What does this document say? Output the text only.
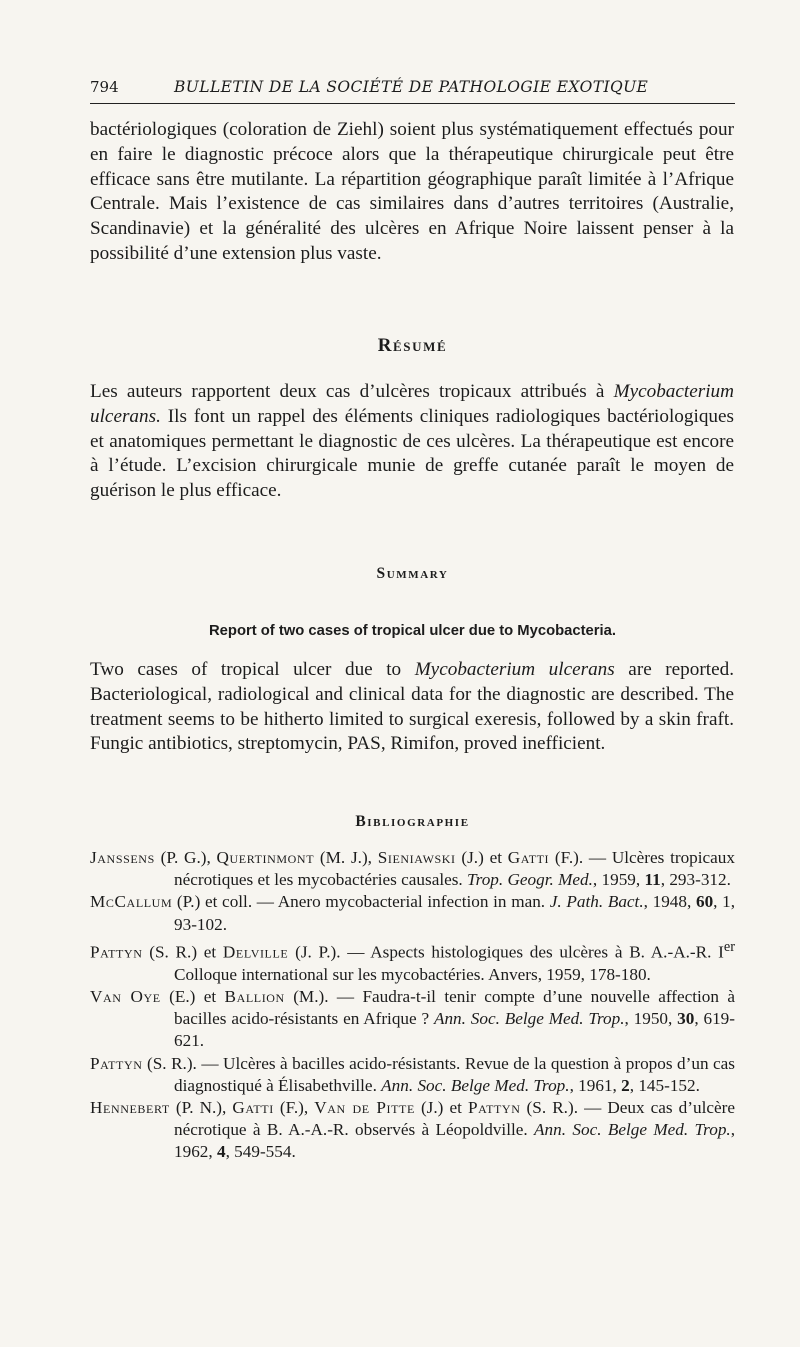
794	BULLETIN DE LA SOCIÉTÉ DE PATHOLOGIE EXOTIQUE

bactériologiques (coloration de Ziehl) soient plus systématiquement effectués pour en faire le diagnostic précoce alors que la thérapeutique chirurgicale peut être efficace sans être mutilante. La répartition géographique paraît limitée à l’Afrique Centrale. Mais l’existence de cas similaires dans d’autres territoires (Australie, Scandinavie) et la généralité des ulcères en Afrique Noire laissent penser à la possibilité d’une extension plus vaste.

Résumé

Les auteurs rapportent deux cas d’ulcères tropicaux attribués à Mycobacterium ulcerans. Ils font un rappel des éléments cliniques radiologiques bactériologiques et anatomiques permettant le diagnostic de ces ulcères. La thérapeutique est encore à l’étude. L’excision chirurgicale munie de greffe cutanée paraît le moyen de guérison le plus efficace.

Summary

Report of two cases of tropical ulcer due to Mycobacteria.

Two cases of tropical ulcer due to Mycobacterium ulcerans are reported. Bacteriological, radiological and clinical data for the diagnostic are described. The treatment seems to be hitherto limited to surgical exeresis, followed by a skin fraft. Fungic antibiotics, streptomycin, PAS, Rimifon, proved inefficient.

Bibliographie

Janssens (P. G.), Quertinmont (M. J.), Sieniawski (J.) et Gatti (F.). — Ulcères tropicaux nécrotiques et les mycobactéries causales. Trop. Geogr. Med., 1959, 11, 293-312.

McCallum (P.) et coll. — Anero mycobacterial infection in man. J. Path. Bact., 1948, 60, 1, 93-102.

Pattyn (S. R.) et Delville (J. P.). — Aspects histologiques des ulcères à B. A.-A.-R. Ier Colloque international sur les mycobactéries. Anvers, 1959, 178-180.

Van Oye (E.) et Ballion (M.). — Faudra-t-il tenir compte d’une nouvelle affection à bacilles acido-résistants en Afrique ? Ann. Soc. Belge Med. Trop., 1950, 30, 619-621.

Pattyn (S. R.). — Ulcères à bacilles acido-résistants. Revue de la question à propos d’un cas diagnostiqué à Élisabethville. Ann. Soc. Belge Med. Trop., 1961, 2, 145-152.

Hennebert (P. N.), Gatti (F.), Van de Pitte (J.) et Pattyn (S. R.). — Deux cas d’ulcère nécrotique à B. A.-A.-R. observés à Léopoldville. Ann. Soc. Belge Med. Trop., 1962, 4, 549-554.
